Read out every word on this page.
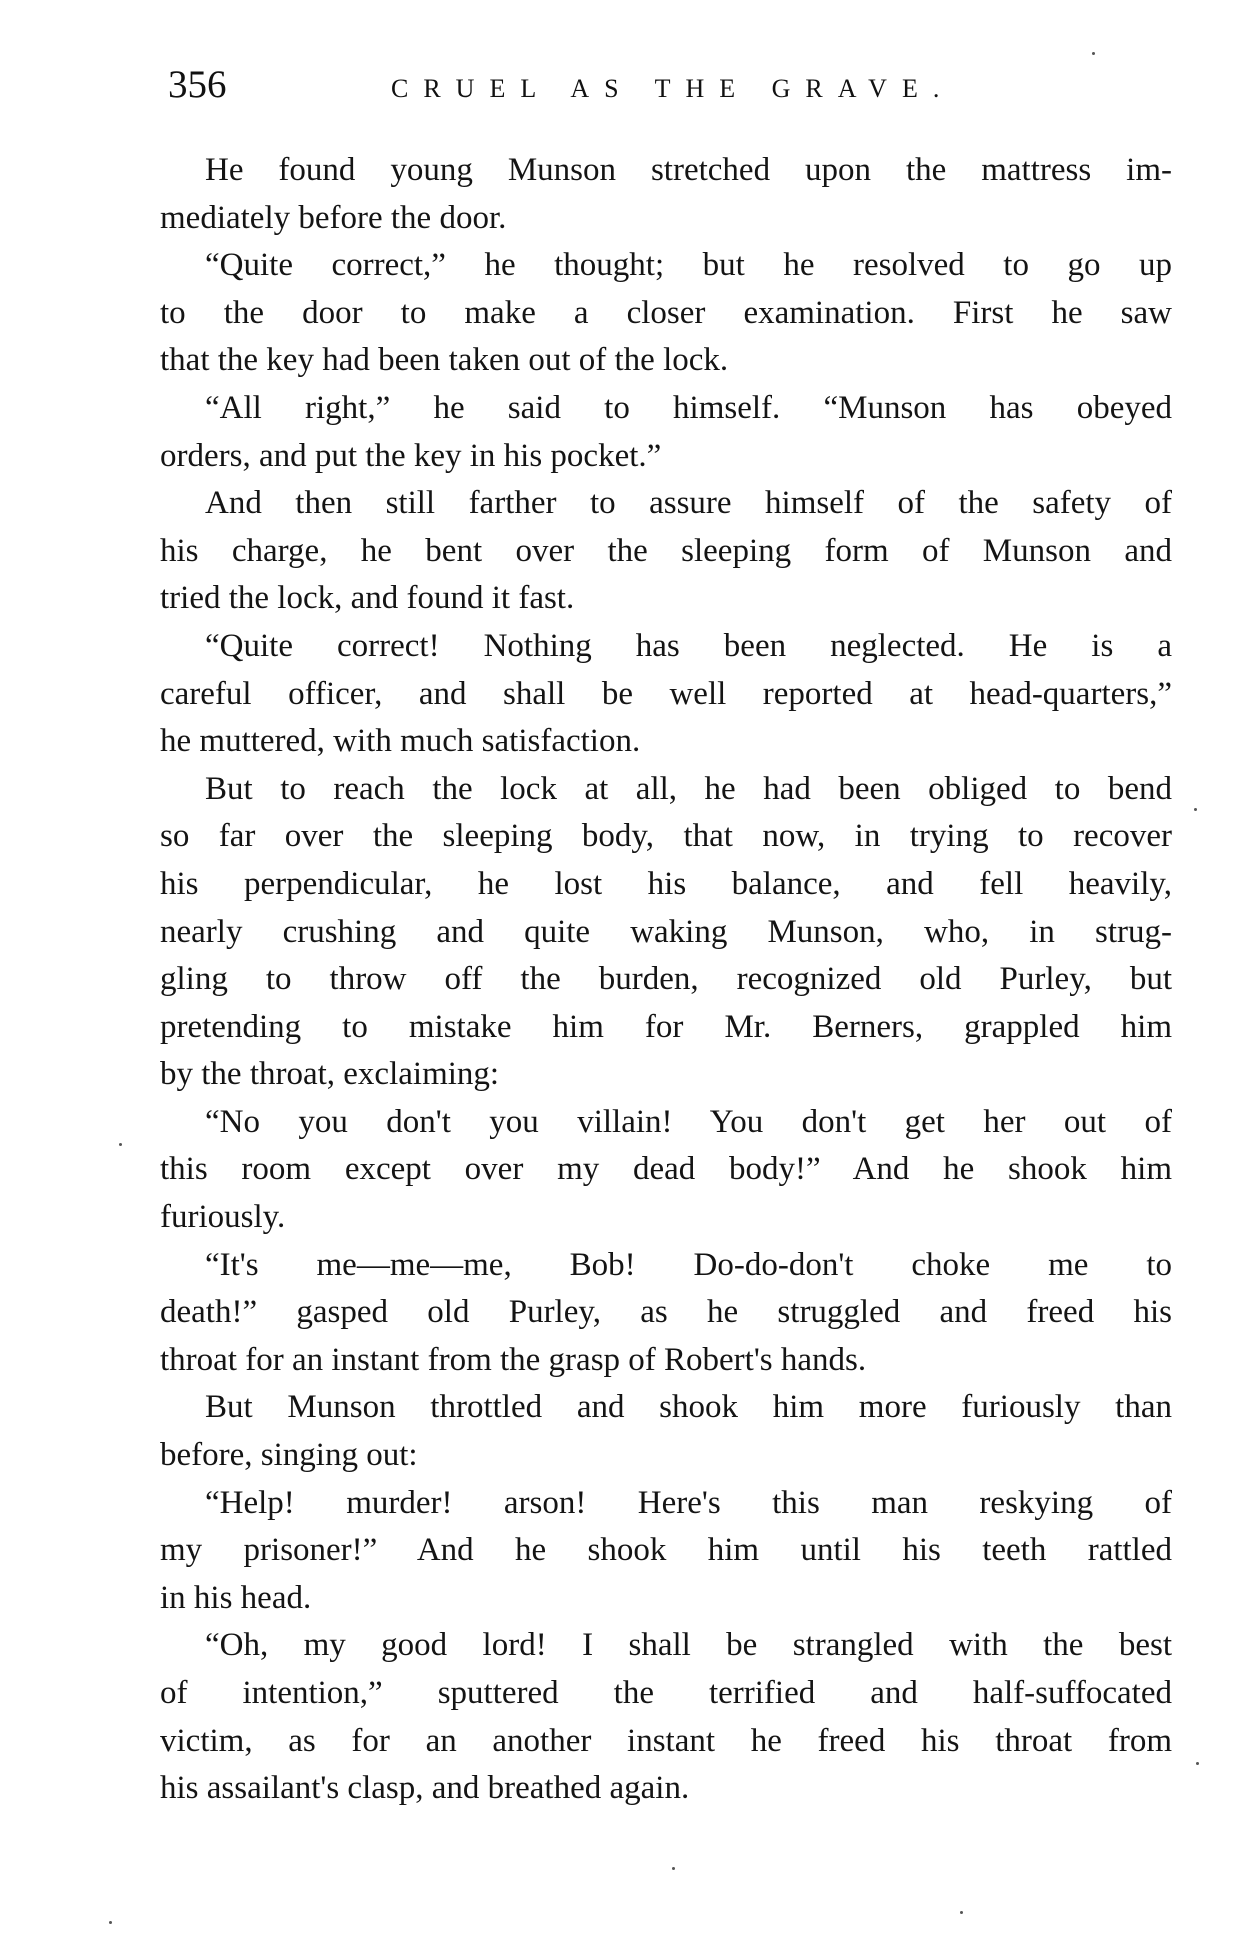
356	CRUEL AS THE GRAVE.
He found young Munson stretched upon the mattress im-
mediately before the door.
“Quite correct,” he thought; but he resolved to go up
to the door to make a closer examination. First he saw
that the key had been taken out of the lock.
“All right,” he said to himself. “Munson has obeyed
orders, and put the key in his pocket.”
And then still farther to assure himself of the safety of
his charge, he bent over the sleeping form of Munson and
tried the lock, and found it fast.
“Quite correct! Nothing has been neglected. He is a
careful officer, and shall be well reported at head-quarters,”
he muttered, with much satisfaction.
But to reach the lock at all, he had been obliged to bend
so far over the sleeping body, that now, in trying to recover
his perpendicular, he lost his balance, and fell heavily,
nearly crushing and quite waking Munson, who, in strug-
gling to throw off the burden, recognized old Purley, but
pretending to mistake him for Mr. Berners, grappled him
by the throat, exclaiming:
“No you don't you villain! You don't get her out of
this room except over my dead body!” And he shook him
furiously.
“It's me—me—me, Bob! Do-do-don't choke me to
death!” gasped old Purley, as he struggled and freed his
throat for an instant from the grasp of Robert's hands.
But Munson throttled and shook him more furiously than
before, singing out:
“Help! murder! arson! Here's this man reskying of
my prisoner!” And he shook him until his teeth rattled
in his head.
“Oh, my good lord! I shall be strangled with the best
of intention,” sputtered the terrified and half-suffocated
victim, as for an another instant he freed his throat from
his assailant's clasp, and breathed again.
